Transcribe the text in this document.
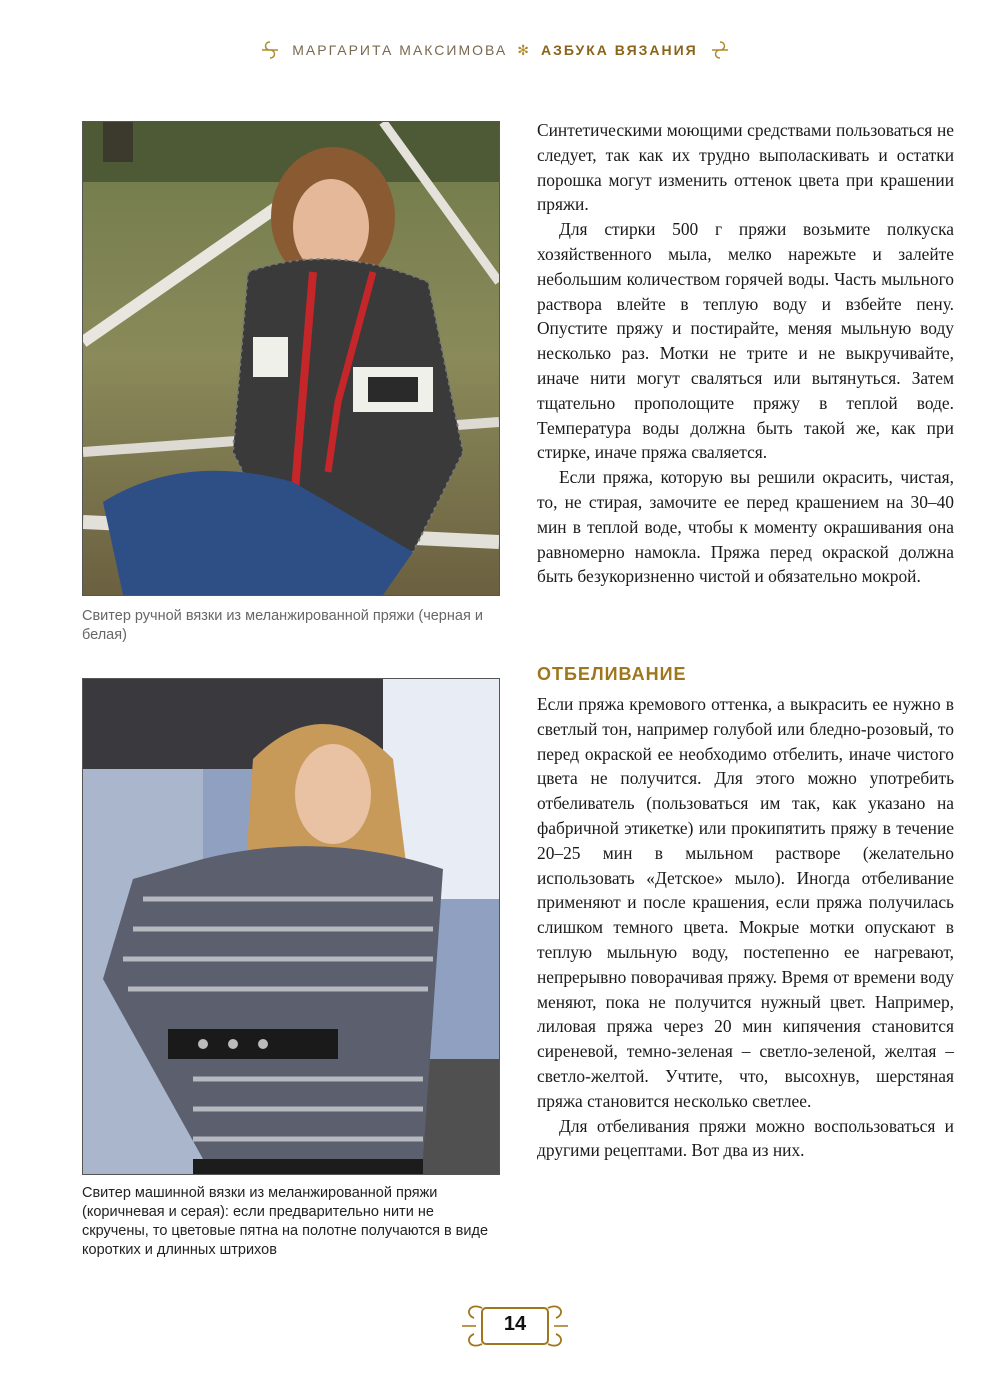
МАРГАРИТА МАКСИМОВА ✻ АЗБУКА ВЯЗАНИЯ

Свитер ручной вязки из меланжированной пряжи (черная и белая)

Свитер машинной вязки из меланжированной пряжи (коричневая и серая): если предварительно нити не скручены, то цветовые пятна на полотне получаются в виде коротких и длинных штрихов

Синтетическими моющими средствами пользоваться не следует, так как их трудно выполаскивать и остатки порошка могут изменить оттенок цвета при крашении пряжи.

Для стирки 500 г пряжи возьмите полкуска хозяйственного мыла, мелко нарежьте и залейте небольшим количеством горячей воды. Часть мыльного раствора влейте в теплую воду и взбейте пену. Опустите пряжу и постирайте, меняя мыльную воду несколько раз. Мотки не трите и не выкручивайте, иначе нити могут сваляться или вытянуться. Затем тщательно прополощите пряжу в теплой воде. Температура воды должна быть такой же, как при стирке, иначе пряжа сваляется.

Если пряжа, которую вы решили окрасить, чистая, то, не стирая, замочите ее перед крашением на 30–40 мин в теплой воде, чтобы к моменту окрашивания она равномерно намокла. Пряжа перед окраской должна быть безукоризненно чистой и обязательно мокрой.

ОТБЕЛИВАНИЕ

Если пряжа кремового оттенка, а выкрасить ее нужно в светлый тон, например голубой или бледно-розовый, то перед окраской ее необходимо отбелить, иначе чистого цвета не получится. Для этого можно употребить отбеливатель (пользоваться им так, как указано на фабричной этикетке) или прокипятить пряжу в течение 20–25 мин в мыльном растворе (желательно использовать «Детское» мыло). Иногда отбеливание применяют и после крашения, если пряжа получилась слишком темного цвета. Мокрые мотки опускают в теплую мыльную воду, постепенно ее нагревают, непрерывно поворачивая пряжу. Время от времени воду меняют, пока не получится нужный цвет. Например, лиловая пряжа через 20 мин кипячения становится сиреневой, темно-зеленая – светло-зеленой, желтая – светло-желтой. Учтите, что, высохнув, шерстяная пряжа становится несколько светлее.

Для отбеливания пряжи можно воспользоваться и другими рецептами. Вот два из них.

14
